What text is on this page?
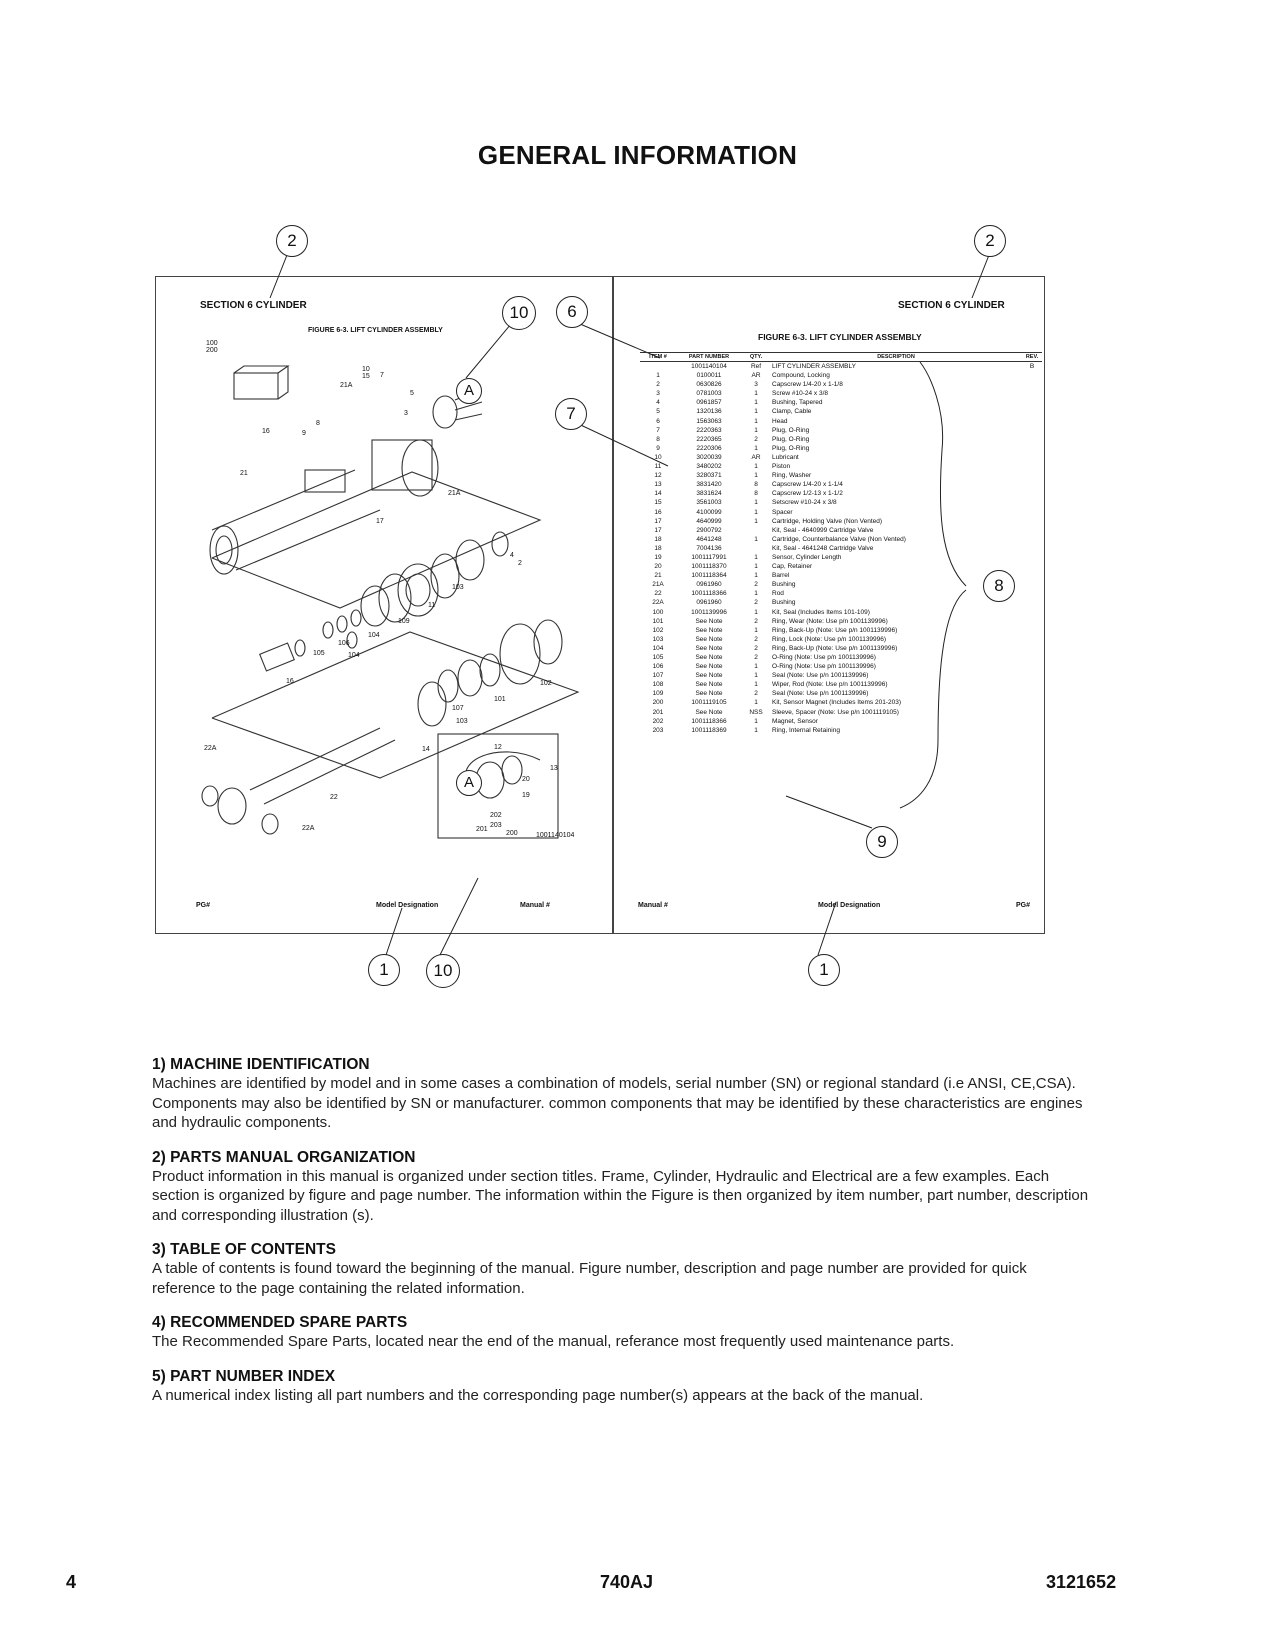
GENERAL INFORMATION
2	2
10	6
7
8
9
1	10	1
A
A
SECTION 6 CYLINDER	SECTION 6 CYLINDER
FIGURE 6-3. LIFT CYLINDER ASSEMBLY
FIGURE 6-3. LIFT CYLINDER ASSEMBLY
PG#	Model Designation	Manual #	Manual #	Model Designation	PG#
100
200
10
15 7
21A
5
3
16
8
9
21
21A
17
4
2
103
104
109
11
106
105	104
16	102
22A	14	12
107
101
103
22
22A
13
20
19
202
203
201
200	1001140104
ITEM #	PART NUMBER	QTY.	DESCRIPTION	REV.
	1001140104	Ref	LIFT CYLINDER ASSEMBLY	B
1	0100011	AR	Compound, Locking	
2	0630826	3	Capscrew 1/4-20 x 1-1/8	
3	0781003	1	Screw #10-24 x 3/8	
4	0961857	1	Bushing, Tapered	
5	1320136	1	Clamp, Cable	
6	1563063	1	Head	
7	2220363	1	Plug, O-Ring	
8	2220365	2	Plug, O-Ring	
9	2220306	1	Plug, O-Ring	
10	3020039	AR	Lubricant	
11	3480202	1	Piston	
12	3280371	1	Ring, Washer	
13	3831420	8	Capscrew 1/4-20 x 1-1/4	
14	3831624	8	Capscrew 1/2-13 x 1-1/2	
15	3561003	1	Setscrew #10-24 x 3/8	
16	4100099	1	Spacer	
17	4640999	1	Cartridge, Holding Valve (Non Vented)	
17	2900792		Kit, Seal - 4640999 Cartridge Valve	
18	4641248	1	Cartridge, Counterbalance Valve (Non Vented)	
18	7004136		Kit, Seal - 4641248 Cartridge Valve	
19	1001117991	1	Sensor, Cylinder Length	
20	1001118370	1	Cap, Retainer	
21	1001118364	1	Barrel	
21A	0961960	2	Bushing	
22	1001118366	1	Rod	
22A	0961960	2	Bushing	
100	1001139996	1	Kit, Seal (Includes Items 101-109)	
101	See Note	2	Ring, Wear (Note: Use p/n 1001139996)	
102	See Note	1	Ring, Back-Up (Note: Use p/n 1001139996)	
103	See Note	2	Ring, Lock (Note: Use p/n 1001139996)	
104	See Note	2	Ring, Back-Up (Note: Use p/n 1001139996)	
105	See Note	2	O-Ring (Note: Use p/n 1001139996)	
106	See Note	1	O-Ring (Note: Use p/n 1001139996)	
107	See Note	1	Seal (Note: Use p/n 1001139996)	
108	See Note	1	Wiper, Rod (Note: Use p/n 1001139996)	
109	See Note	2	Seal (Note: Use p/n 1001139996)	
200	1001119105	1	Kit, Sensor Magnet (Includes Items 201-203)	
201	See Note	NSS	Sleeve, Spacer (Note: Use p/n 1001119105)	
202	1001118366	1	Magnet, Sensor	
203	1001118369	1	Ring, Internal Retaining	
1) MACHINE IDENTIFICATION

Machines are identified by model and in some cases a combination of models, serial number (SN) or regional standard (i.e ANSI, CE,CSA). Components may also be identified by SN or manufacturer. common components that may be identified by these characteristics are engines and hydraulic components.

2) PARTS MANUAL ORGANIZATION

Product information in this manual is organized under section titles. Frame, Cylinder, Hydraulic and Electrical are a few examples. Each section is organized by figure and page number. The information within the Figure is then organized by item number, part number, description and corresponding illustration (s).

3) TABLE OF CONTENTS

A table of contents is found toward the beginning of the manual. Figure number, description and page number are provided for quick reference to the page containing the related information.

4) RECOMMENDED SPARE PARTS

The Recommended Spare Parts, located near the end of the manual, referance most frequently used maintenance parts.

5) PART NUMBER INDEX

A numerical index listing all part numbers and the corresponding page number(s) appears at the back of the manual.

4	740AJ	3121652
